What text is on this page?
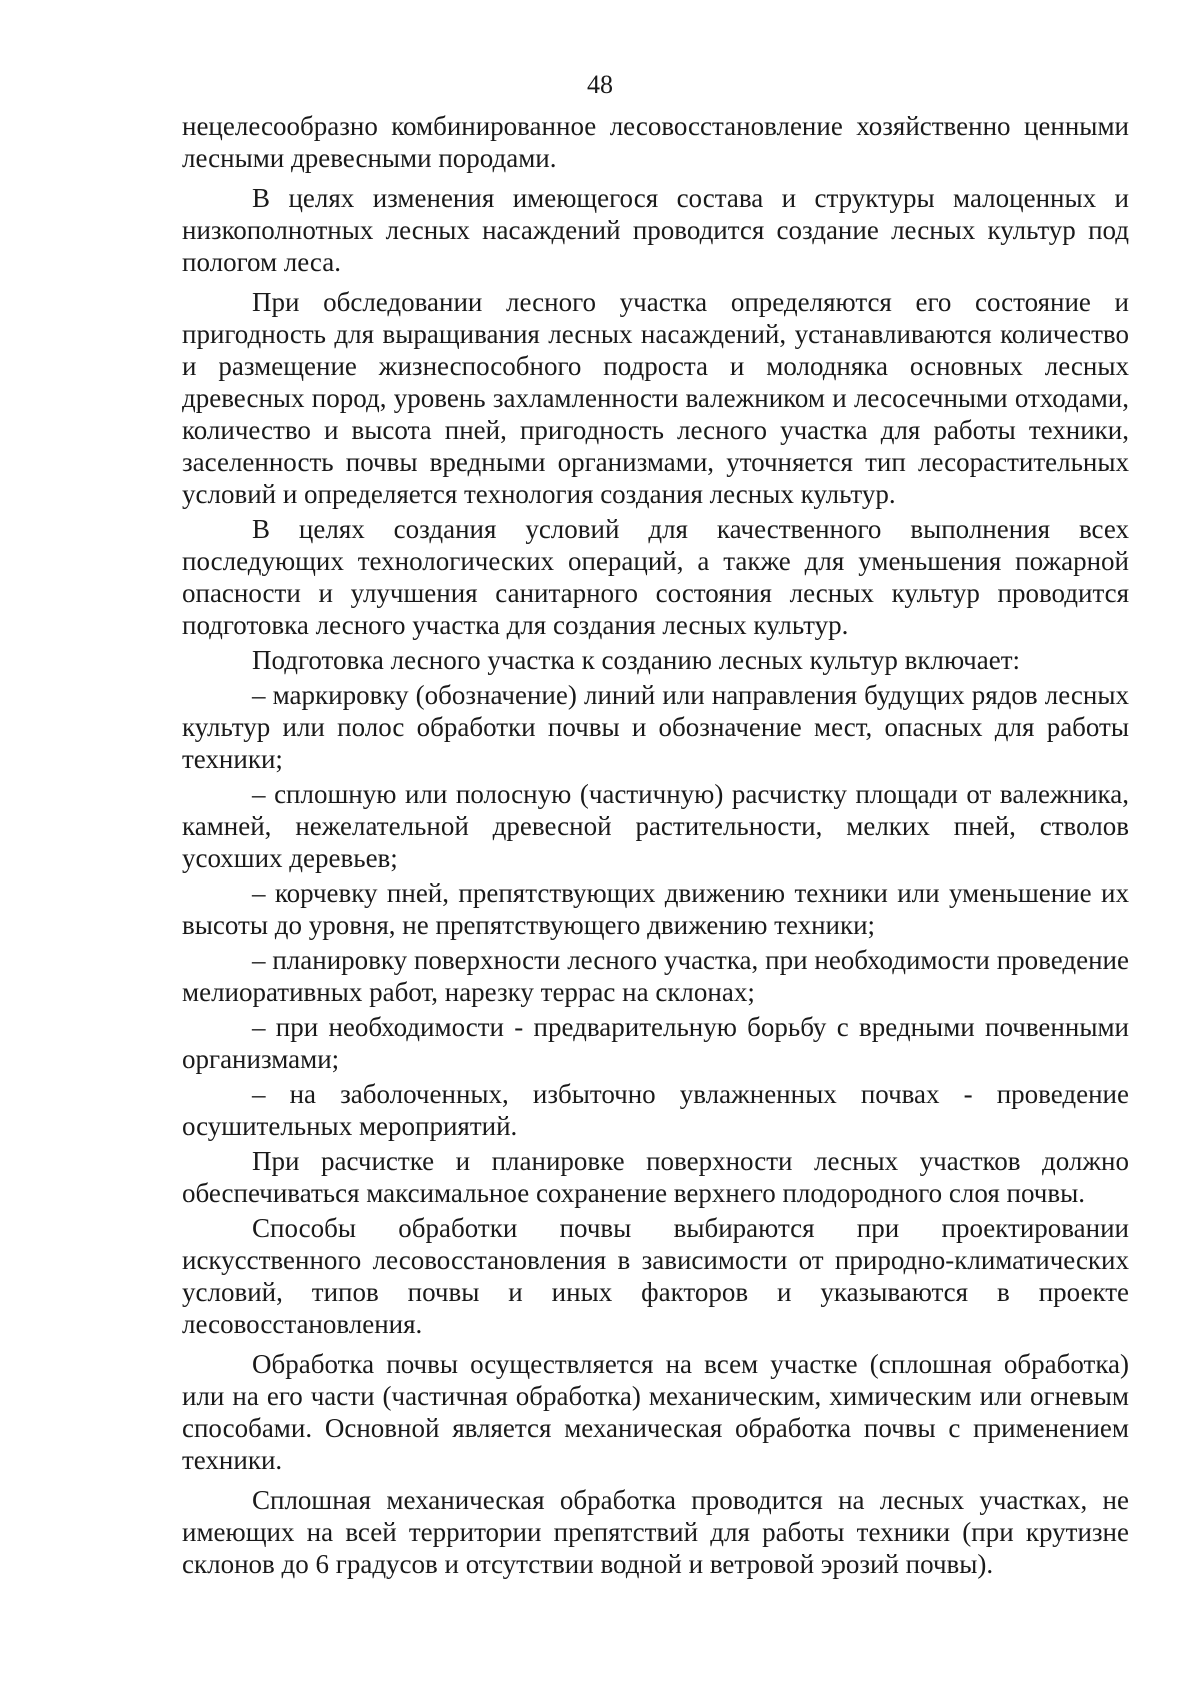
48

нецелесообразно комбинированное лесовосстановление хозяйственно ценными лесными древесными породами.

В целях изменения имеющегося состава и структуры малоценных и низкополнотных лесных насаждений проводится создание лесных культур под пологом леса.

При обследовании лесного участка определяются его состояние и пригодность для выращивания лесных насаждений, устанавливаются количество и размещение жизнеспособного подроста и молодняка основных лесных древесных пород, уровень захламленности валежником и лесосечными отходами, количество и высота пней, пригодность лесного участка для работы техники, заселенность почвы вредными организмами, уточняется тип лесорастительных условий и определяется технология создания лесных культур.

В целях создания условий для качественного выполнения всех последующих технологических операций, а также для уменьшения пожарной опасности и улучшения санитарного состояния лесных культур проводится подготовка лесного участка для создания лесных культур.

Подготовка лесного участка к созданию лесных культур включает:

– маркировку (обозначение) линий или направления будущих рядов лесных культур или полос обработки почвы и обозначение мест, опасных для работы техники;

– сплошную или полосную (частичную) расчистку площади от валежника, камней, нежелательной древесной растительности, мелких пней, стволов усохших деревьев;

– корчевку пней, препятствующих движению техники или уменьшение их высоты до уровня, не препятствующего движению техники;

– планировку поверхности лесного участка, при необходимости проведение мелиоративных работ, нарезку террас на склонах;

– при необходимости - предварительную борьбу с вредными почвенными организмами;

– на заболоченных, избыточно увлажненных почвах - проведение осушительных мероприятий.

При расчистке и планировке поверхности лесных участков должно обеспечиваться максимальное сохранение верхнего плодородного слоя почвы.

Способы обработки почвы выбираются при проектировании искусственного лесовосстановления в зависимости от природно-климатических условий, типов почвы и иных факторов и указываются в проекте лесовосстановления.

Обработка почвы осуществляется на всем участке (сплошная обработка) или на его части (частичная обработка) механическим, химическим или огневым способами. Основной является механическая обработка почвы с применением техники.

Сплошная механическая обработка проводится на лесных участках, не имеющих на всей территории препятствий для работы техники (при крутизне склонов до 6 градусов и отсутствии водной и ветровой эрозий почвы).
